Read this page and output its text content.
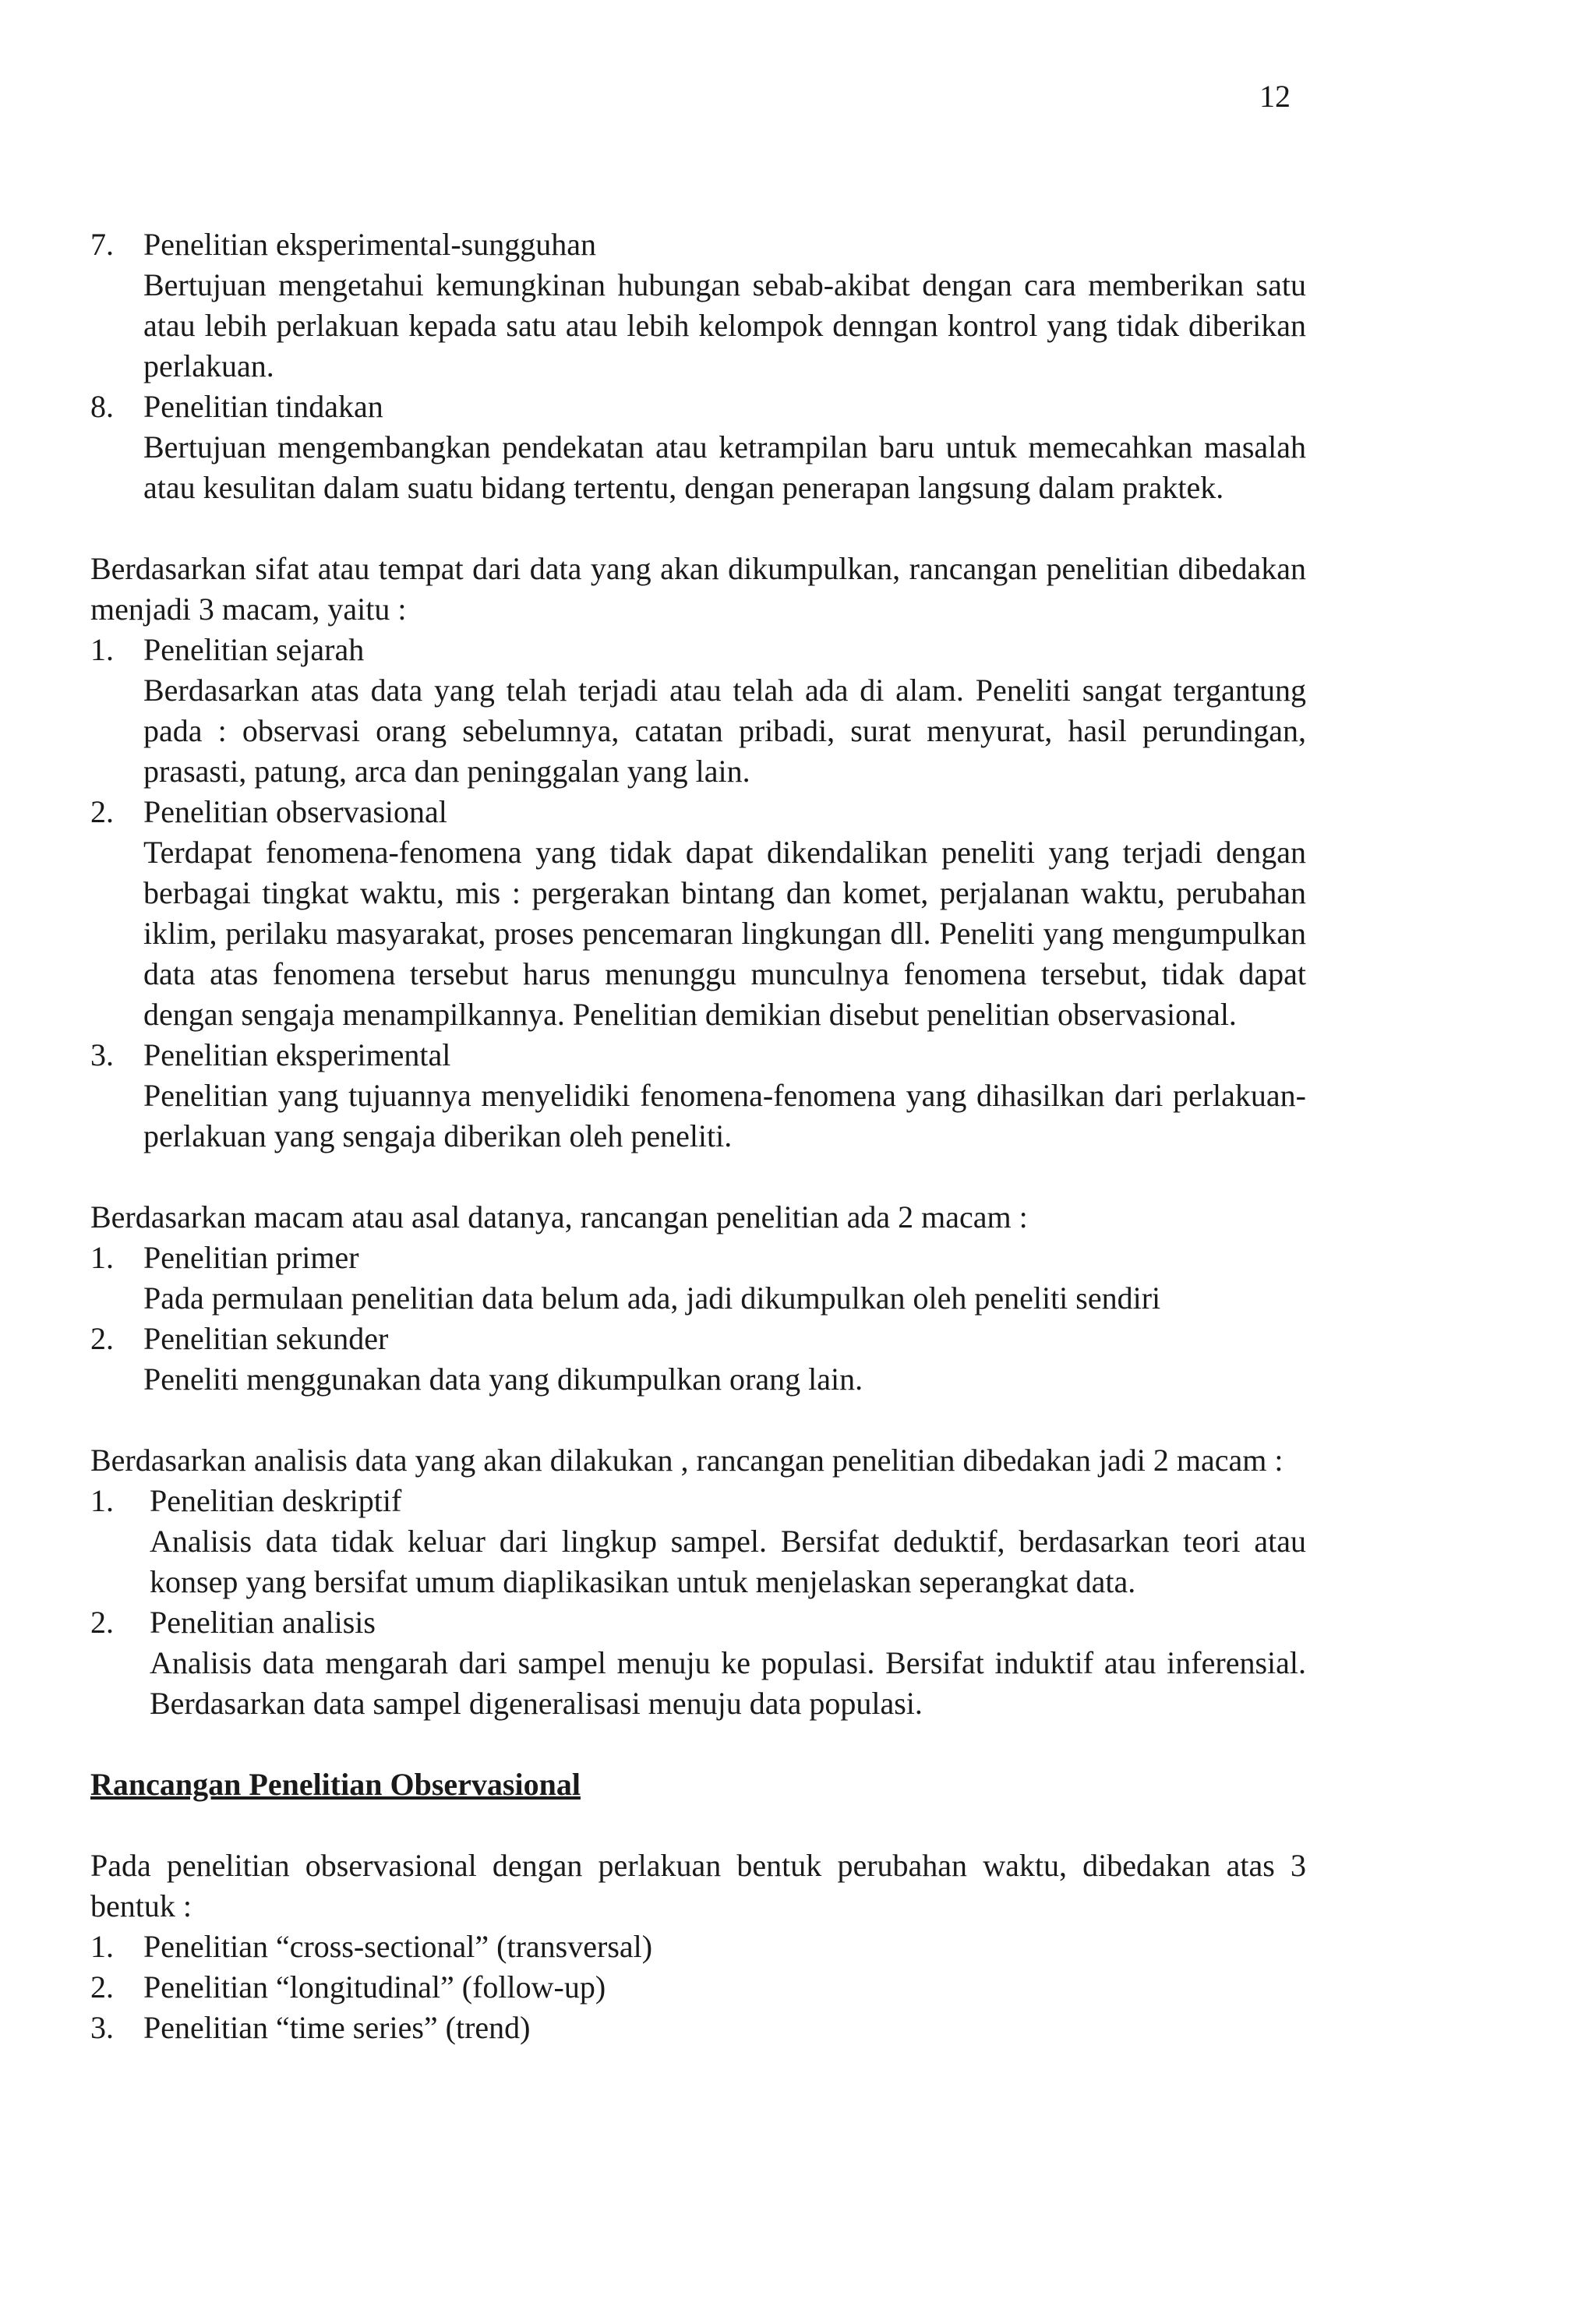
12
7. Penelitian eksperimental-sungguhan
Bertujuan mengetahui kemungkinan hubungan sebab-akibat dengan cara memberikan satu atau lebih perlakuan kepada satu atau lebih kelompok denngan kontrol yang tidak diberikan perlakuan.
8. Penelitian tindakan
Bertujuan mengembangkan pendekatan atau ketrampilan baru untuk memecahkan masalah atau kesulitan dalam suatu bidang tertentu, dengan penerapan langsung dalam praktek.

Berdasarkan sifat atau tempat dari data yang akan dikumpulkan, rancangan penelitian dibedakan menjadi 3 macam, yaitu :

1. Penelitian sejarah
Berdasarkan atas data yang telah terjadi atau telah ada di alam. Peneliti sangat tergantung pada : observasi orang sebelumnya, catatan pribadi, surat menyurat, hasil perundingan, prasasti, patung, arca dan peninggalan yang lain.
2. Penelitian observasional
Terdapat fenomena-fenomena yang tidak dapat dikendalikan peneliti yang terjadi dengan berbagai tingkat waktu, mis : pergerakan bintang dan komet, perjalanan waktu, perubahan iklim, perilaku masyarakat, proses pencemaran lingkungan dll. Peneliti yang mengumpulkan data atas fenomena tersebut harus menunggu munculnya fenomena tersebut, tidak dapat dengan sengaja menampilkannya. Penelitian demikian disebut penelitian observasional.
3. Penelitian eksperimental
Penelitian yang tujuannya menyelidiki fenomena-fenomena yang dihasilkan dari perlakuan-perlakuan yang sengaja diberikan oleh peneliti.

Berdasarkan macam atau asal datanya, rancangan penelitian ada 2 macam :

1. Penelitian primer
Pada permulaan penelitian data belum ada, jadi dikumpulkan oleh peneliti sendiri
2. Penelitian sekunder
Peneliti menggunakan data yang dikumpulkan orang lain.

Berdasarkan analisis data yang akan dilakukan , rancangan penelitian dibedakan jadi 2 macam :

1.	Penelitian deskriptif
Analisis data tidak keluar dari lingkup sampel. Bersifat deduktif, berdasarkan teori atau konsep yang bersifat umum diaplikasikan untuk menjelaskan seperangkat data.
2.	Penelitian analisis
Analisis data mengarah dari sampel menuju ke populasi. Bersifat induktif atau inferensial. Berdasarkan data sampel digeneralisasi menuju data populasi.

Rancangan Penelitian Observasional

Pada penelitian observasional dengan perlakuan bentuk perubahan waktu, dibedakan atas 3 bentuk :

1. Penelitian “cross-sectional” (transversal)
2. Penelitian “longitudinal” (follow-up)
3. Penelitian “time series” (trend)
